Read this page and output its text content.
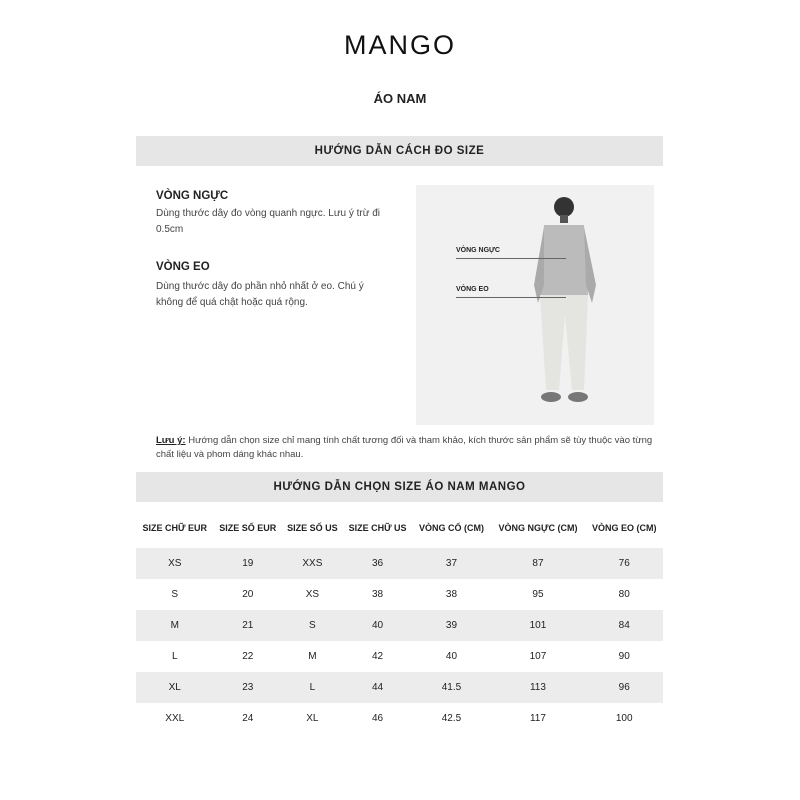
MANGO
ÁO NAM
HƯỚNG DẪN CÁCH ĐO SIZE
VÒNG NGỰC
Dùng thước dây đo vòng quanh ngực. Lưu ý trừ đi 0.5cm
VÒNG EO
Dùng thước dây đo phần nhỏ nhất ở eo. Chú ý không để quá chật hoặc quá rộng.
VÒNG NGỰC
VÒNG EO
Lưu ý: Hướng dẫn chọn size chỉ mang tính chất tương đối và tham khảo, kích thước sản phẩm sẽ tùy thuộc vào từng chất liệu và phom dáng khác nhau.
HƯỚNG DẪN CHỌN SIZE ÁO NAM MANGO
SIZE CHỮ EUR	SIZE SỐ EUR	SIZE SỐ US	SIZE CHỮ US	VÒNG CỔ (CM)	VÒNG NGỰC (CM)	VÒNG EO (CM)

XS	19	XXS	36	37	87	76
S	20	XS	38	38	95	80
M	21	S	40	39	101	84
L	22	M	42	40	107	90
XL	23	L	44	41.5	113	96
XXL	24	XL	46	42.5	117	100
